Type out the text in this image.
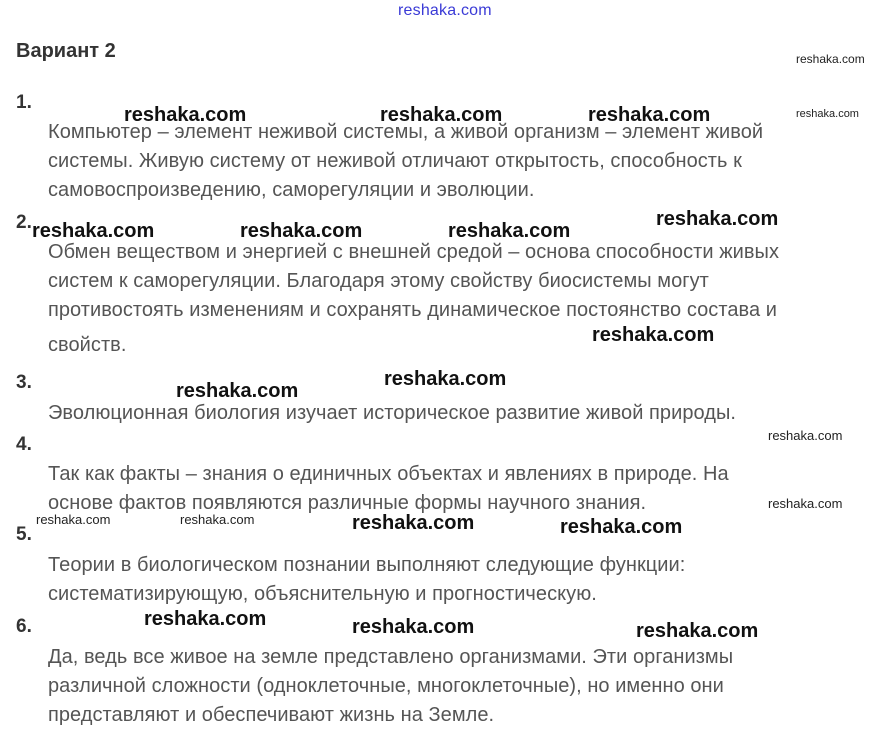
reshaka.com
Вариант 2
1.
Компьютер – элемент неживой системы, а живой организм – элемент живой
системы. Живую систему от неживой отличают открытость, способность к
самовоспроизведению, саморегуляции и эволюции.
2.
Обмен веществом и энергией с внешней средой – основа способности живых
систем к саморегуляции. Благодаря этому свойству биосистемы могут
противостоять изменениям и сохранять динамическое постоянство состава и
свойств.
3.
Эволюционная биология изучает историческое развитие живой природы.
4.
Так как факты – знания о единичных объектах и явлениях в природе. На
основе фактов появляются различные формы научного знания.
5.
Теории в биологическом познании выполняют следующие функции:
систематизирующую, объяснительную и прогностическую.
6.
Да, ведь все живое на земле представлено организмами. Эти организмы
различной сложности (одноклеточные, многоклеточные), но именно они
представляют и обеспечивают жизнь на Земле.
reshaka.com
reshaka.com	reshaka.com	reshaka.com	reshaka.com
reshaka.com	reshaka.com	reshaka.com
reshaka.com
reshaka.com
reshaka.com
reshaka.com
reshaka.com
reshaka.com
reshaka.com	reshaka.com	reshaka.com	reshaka.com
reshaka.com	reshaka.com	reshaka.com
